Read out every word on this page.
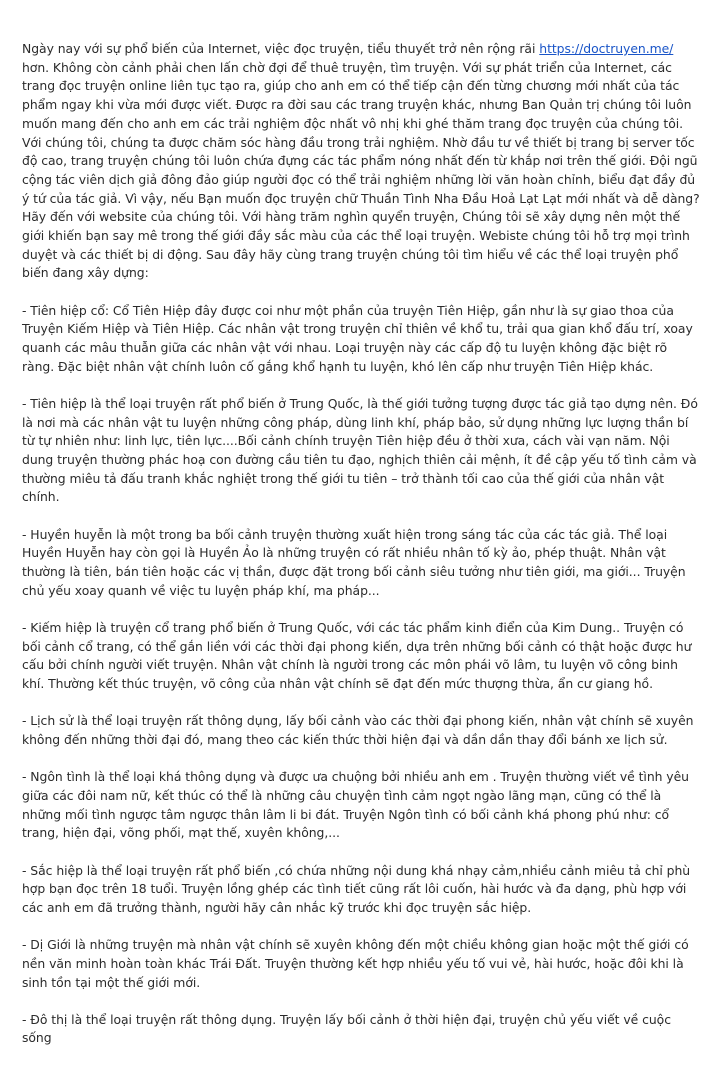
Ngày nay với sự phổ biến của Internet, việc đọc truyện, tiểu thuyết trở nên rộng rãi https://doctruyen.me/ hơn. Không còn cảnh phải chen lấn chờ đợi để thuê truyện, tìm truyện. Với sự phát triển của Internet, các trang đọc truyện online liên tục tạo ra, giúp cho anh em có thể tiếp cận đến từng chương mới nhất của tác phẩm ngay khi vừa mới được viết. Được ra đời sau các trang truyện khác, nhưng Ban Quản trị chúng tôi luôn muốn mang đến cho anh em các trải nghiệm độc nhất vô nhị khi ghé thăm trang đọc truyện của chúng tôi. Với chúng tôi, chúng ta được chăm sóc hàng đầu trong trải nghiệm. Nhờ đầu tư về thiết bị trang bị server tốc độ cao, trang truyện chúng tôi luôn chứa đựng các tác phẩm nóng nhất đến từ khắp nơi trên thế giới. Đội ngũ cộng tác viên dịch giả đông đảo giúp người đọc có thể trải nghiệm những lời văn hoàn chỉnh, biểu đạt đầy đủ ý tứ của tác giả. Vì vậy, nếu Bạn muốn đọc truyện chữ Thuần Tình Nha Đầu Hoả Lạt Lạt mới nhất và dễ dàng? Hãy đến với website của chúng tôi. Với hàng trăm nghìn quyển truyện, Chúng tôi sẽ xây dựng nên một thế giới khiến bạn say mê trong thế giới đầy sắc màu của các thể loại truyện. Webiste chúng tôi hỗ trợ mọi trình duyệt và các thiết bị di động. Sau đây hãy cùng trang truyện chúng tôi tìm hiểu về các thể loại truyện phổ biến đang xây dựng:

- Tiên hiệp cổ: Cổ Tiên Hiệp đây được coi như một phần của truyện Tiên Hiệp, gần như là sự giao thoa của Truyện Kiếm Hiệp và Tiên Hiệp. Các nhân vật trong truyện chỉ thiên về khổ tu, trải qua gian khổ đấu trí, xoay quanh các mâu thuẫn giữa các nhân vật với nhau. Loại truyện này các cấp độ tu luyện không đặc biệt rõ ràng. Đặc biệt nhân vật chính luôn cố gắng khổ hạnh tu luyện, khó lên cấp như truyện Tiên Hiệp khác.

- Tiên hiệp là thể loại truyện rất phổ biến ở Trung Quốc, là thế giới tưởng tượng được tác giả tạo dựng nên. Đó là nơi mà các nhân vật tu luyện những công pháp, dùng linh khí, pháp bảo, sử dụng những lực lượng thần bí từ tự nhiên như: linh lực, tiên lực....Bối cảnh chính truyện Tiên hiệp đều ở thời xưa, cách vài vạn năm. Nội dung truyện thường phác hoạ con đường cầu tiên tu đạo, nghịch thiên cải mệnh, ít đề cập yếu tố tình cảm và thường miêu tả đấu tranh khắc nghiệt trong thế giới tu tiên – trở thành tối cao của thế giới của nhân vật chính.

- Huyền huyễn là một trong ba bối cảnh truyện thường xuất hiện trong sáng tác của các tác giả. Thể loại Huyền Huyễn hay còn gọi là Huyền Ảo là những truyện có rất nhiều nhân tố kỳ ảo, phép thuật. Nhân vật thường là tiên, bán tiên hoặc các vị thần, được đặt trong bối cảnh siêu tưởng như tiên giới, ma giới... Truyện chủ yếu xoay quanh về việc tu luyện pháp khí, ma pháp...

- Kiếm hiệp là truyện cổ trang phổ biến ở Trung Quốc, với các tác phẩm kinh điển của Kim Dung.. Truyện có bối cảnh cổ trang, có thể gắn liền với các thời đại phong kiến, dựa trên những bối cảnh có thật hoặc được hư cấu bởi chính người viết truyện. Nhân vật chính là người trong các môn phái võ lâm, tu luyện võ công binh khí. Thường kết thúc truyện, võ công của nhân vật chính sẽ đạt đến mức thượng thừa, ẩn cư giang hồ.

- Lịch sử là thể loại truyện rất thông dụng, lấy bối cảnh vào các thời đại phong kiến, nhân vật chính sẽ xuyên không đến những thời đại đó, mang theo các kiến thức thời hiện đại và dần dần thay đổi bánh xe lịch sử.

- Ngôn tình là thể loại khá thông dụng và được ưa chuộng bởi nhiều anh em . Truyện thường viết về tình yêu giữa các đôi nam nữ, kết thúc có thể là những câu chuyện tình cảm ngọt ngào lãng mạn, cũng có thể là những mối tình ngược tâm ngược thân lâm li bi đát. Truyện Ngôn tình có bối cảnh khá phong phú như: cổ trang, hiện đại, võng phối, mạt thế, xuyên không,...

- Sắc hiệp là thể loại truyện rất phổ biến ,có chứa những nội dung khá nhạy cảm,nhiều cảnh miêu tả chỉ phù hợp bạn đọc trên 18 tuổi. Truyện lồng ghép các tình tiết cũng rất lôi cuốn, hài hước và đa dạng, phù hợp với các anh em đã trưởng thành, người hãy cân nhắc kỹ trước khi đọc truyện sắc hiệp.

- Dị Giới là những truyện mà nhân vật chính sẽ xuyên không đến một chiều không gian hoặc một thế giới có nền văn minh hoàn toàn khác Trái Đất. Truyện thường kết hợp nhiều yếu tố vui vẻ, hài hước, hoặc đôi khi là sinh tồn tại một thế giới mới.

- Đô thị là thể loại truyện rất thông dụng. Truyện lấy bối cảnh ở thời hiện đại, truyện chủ yếu viết về cuộc sống
